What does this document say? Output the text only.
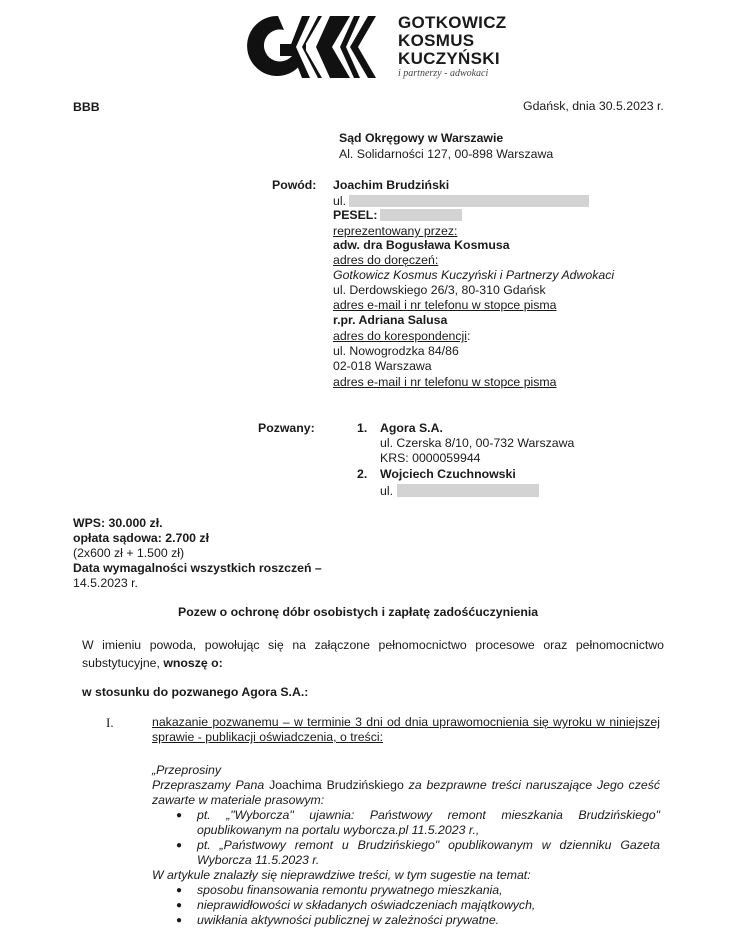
GOTKOWICZ
KOSMUS
KUCZYŃSKI
i partnerzy - adwokaci
BBB	Gdańsk, dnia 30.5.2023 r.
Sąd Okręgowy w Warszawie
Al. Solidarności 127, 00-898 Warszawa
Powód: Joachim Brudziński
ul.
PESEL:
reprezentowany przez:
adw. dra Bogusława Kosmusa
adres do doręczeń:
Gotkowicz Kosmus Kuczyński i Partnerzy Adwokaci
ul. Derdowskiego 26/3, 80-310 Gdańsk
adres e-mail i nr telefonu w stopce pisma
r.pr. Adriana Salusa
adres do korespondencji:
ul. Nowogrodzka 84/86
02-018 Warszawa
adres e-mail i nr telefonu w stopce pisma
Pozwany:	1. Agora S.A.
ul. Czerska 8/10, 00-732 Warszawa
KRS: 0000059944
2. Wojciech Czuchnowski
ul.
WPS: 30.000 zł.
opłata sądowa: 2.700 zł
(2x600 zł + 1.500 zł)
Data wymagalności wszystkich roszczeń –
14.5.2023 r.
Pozew o ochronę dóbr osobistych i zapłatę zadośćuczynienia
W imieniu powoda, powołując się na załączone pełnomocnictwo procesowe oraz pełnomocnictwo substytucyjne, wnoszę o:
w stosunku do pozwanego Agora S.A.:
I.	nakazanie pozwanemu – w terminie 3 dni od dnia uprawomocnienia się wyroku w niniejszej sprawie - publikacji oświadczenia, o treści:
„Przeprosiny
Przepraszamy Pana Joachima Brudzińskiego za bezprawne treści naruszające Jego cześć zawarte w materiale prasowym:
● pt. „"Wyborcza" ujawnia: Państwowy remont mieszkania Brudzińskiego" opublikowanym na portalu wyborcza.pl 11.5.2023 r.,
● pt. „Państwowy remont u Brudzińskiego" opublikowanym w dzienniku Gazeta Wyborcza 11.5.2023 r.
W artykule znalazły się nieprawdziwe treści, w tym sugestie na temat:
● sposobu finansowania remontu prywatnego mieszkania,
● nieprawidłowości w składanych oświadczeniach majątkowych,
● uwikłania aktywności publicznej w zależności prywatne.
